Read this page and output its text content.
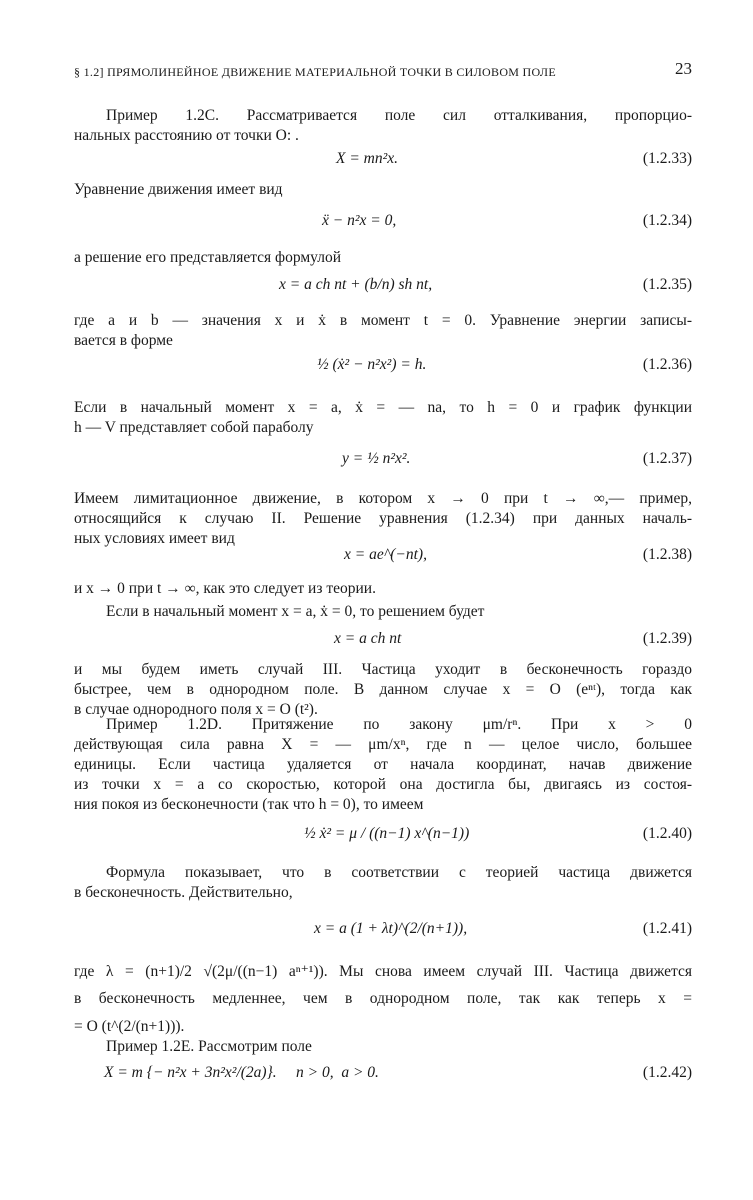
§ 1.2] ПРЯМОЛИНЕЙНОЕ ДВИЖЕНИЕ МАТЕРИАЛЬНОЙ ТОЧКИ В СИЛОВОМ ПОЛЕ	23
Пример 1.2C. Рассматривается поле сил отталкивания, пропорцио-
нальных расстоянию от точки O: .
X = mn²x.	(1.2.33)
Уравнение движения имеет вид
ẍ − n²x = 0,	(1.2.34)
а решение его представляется формулой
x = a ch nt + (b/n) sh nt,	(1.2.35)
где a и b — значения x и ẋ в момент t = 0. Уравнение энергии записы-
вается в форме
½ (ẋ² − n²x²) = h.	(1.2.36)
Если в начальный момент x = a, ẋ = — na, то h = 0 и график функции
h — V представляет собой параболу
y = ½ n²x².	(1.2.37)
Имеем лимитационное движение, в котором x → 0 при t → ∞,— пример,
относящийся к случаю II. Решение уравнения (1.2.34) при данных началь-
ных условиях имеет вид
x = ae^(−nt),	(1.2.38)
и x → 0 при t → ∞, как это следует из теории.
Если в начальный момент x = a, ẋ = 0, то решением будет
x = a ch nt	(1.2.39)
и мы будем иметь случай III. Частица уходит в бесконечность гораздо
быстрее, чем в однородном поле. В данном случае x = O (eⁿᵗ), тогда как
в случае однородного поля x = O (t²).
Пример 1.2D. Притяжение по закону μm/rⁿ. При x > 0
действующая сила равна X = — μm/xⁿ, где n — целое число, большее
единицы. Если частица удаляется от начала координат, начав движение
из точки x = a со скоростью, которой она достигла бы, двигаясь из состоя-
ния покоя из бесконечности (так что h = 0), то имеем
½ ẋ² = μ / ((n−1) x^(n−1))	(1.2.40)
Формула показывает, что в соответствии с теорией частица движется
в бесконечность. Действительно,
x = a (1 + λt)^(2/(n+1)),	(1.2.41)
где λ = (n+1)/2 √(2μ/((n−1) aⁿ⁺¹)). Мы снова имеем случай III. Частица движется
в бесконечность медленнее, чем в однородном поле, так как теперь x =
= O (t^(2/(n+1))).
Пример 1.2E. Рассмотрим поле
X = m {− n²x + 3n²x²/(2a)}.     n > 0,  a > 0.	(1.2.42)
